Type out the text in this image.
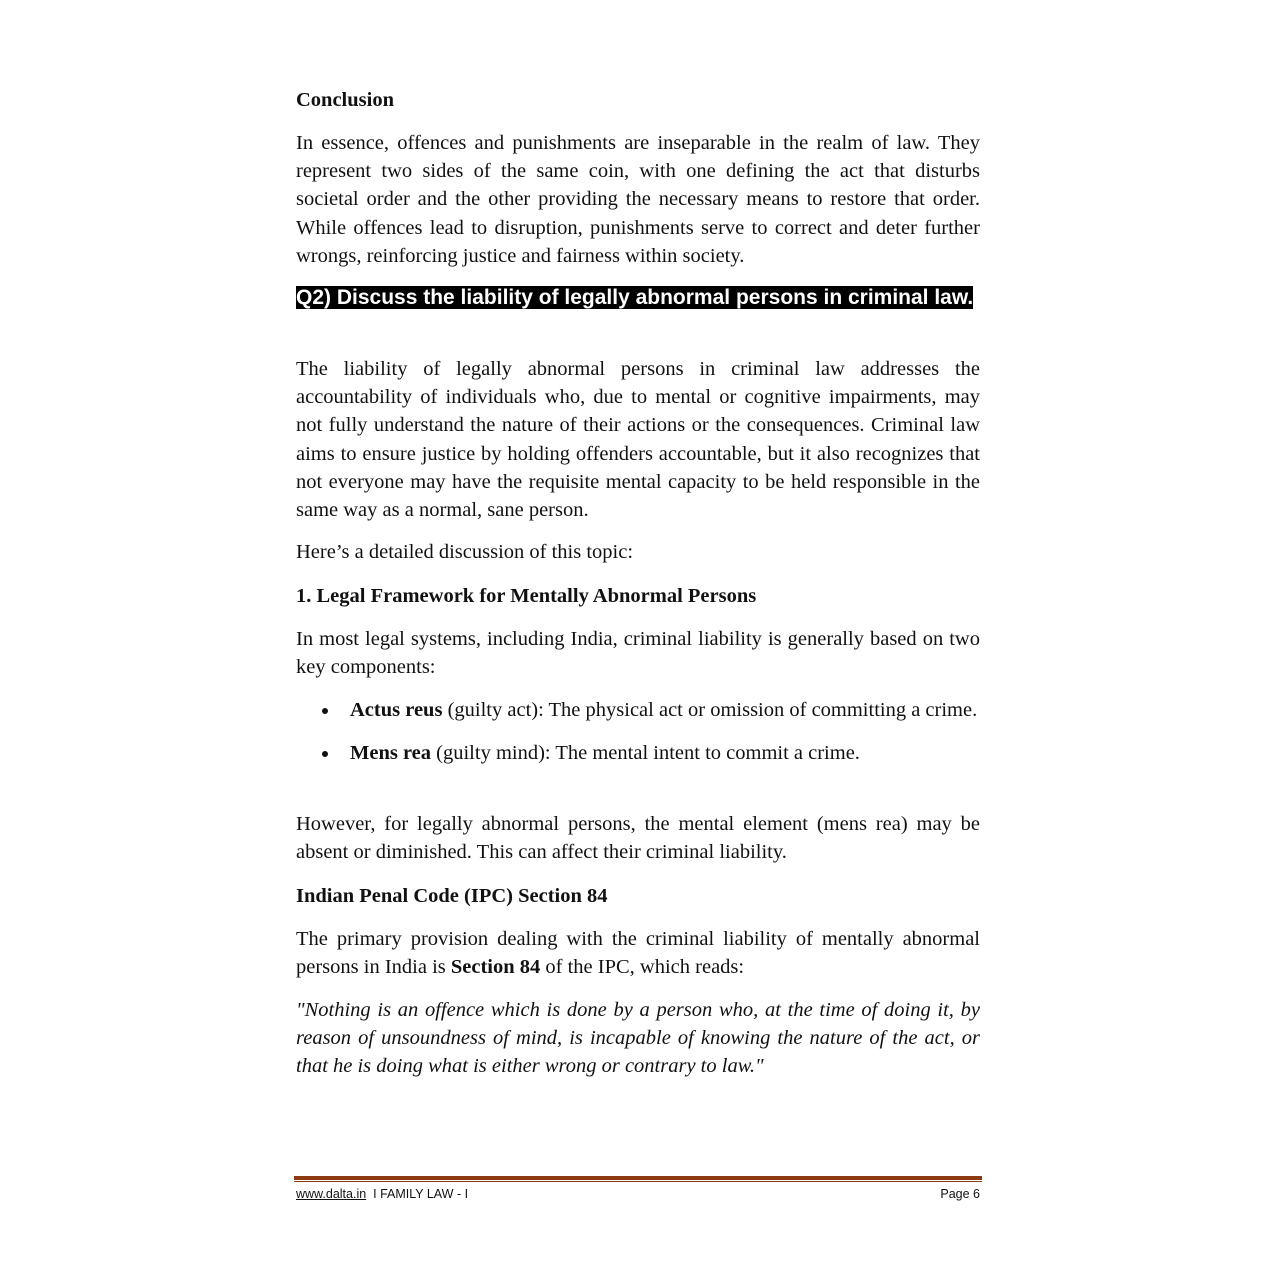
Conclusion

In essence, offences and punishments are inseparable in the realm of law. They represent two sides of the same coin, with one defining the act that disturbs societal order and the other providing the necessary means to restore that order. While offences lead to disruption, punishments serve to correct and deter further wrongs, reinforcing justice and fairness within society.

Q2) Discuss the liability of legally abnormal persons in criminal law.

The liability of legally abnormal persons in criminal law addresses the accountability of individuals who, due to mental or cognitive impairments, may not fully understand the nature of their actions or the consequences. Criminal law aims to ensure justice by holding offenders accountable, but it also recognizes that not everyone may have the requisite mental capacity to be held responsible in the same way as a normal, sane person.

Here’s a detailed discussion of this topic:

1. Legal Framework for Mentally Abnormal Persons

In most legal systems, including India, criminal liability is generally based on two key components:

Actus reus (guilty act): The physical act or omission of committing a crime.
Mens rea (guilty mind): The mental intent to commit a crime.

However, for legally abnormal persons, the mental element (mens rea) may be absent or diminished. This can affect their criminal liability.

Indian Penal Code (IPC) Section 84

The primary provision dealing with the criminal liability of mentally abnormal persons in India is Section 84 of the IPC, which reads:

"Nothing is an offence which is done by a person who, at the time of doing it, by reason of unsoundness of mind, is incapable of knowing the nature of the act, or that he is doing what is either wrong or contrary to law."

www.dalta.in  I FAMILY LAW - I	Page 6
